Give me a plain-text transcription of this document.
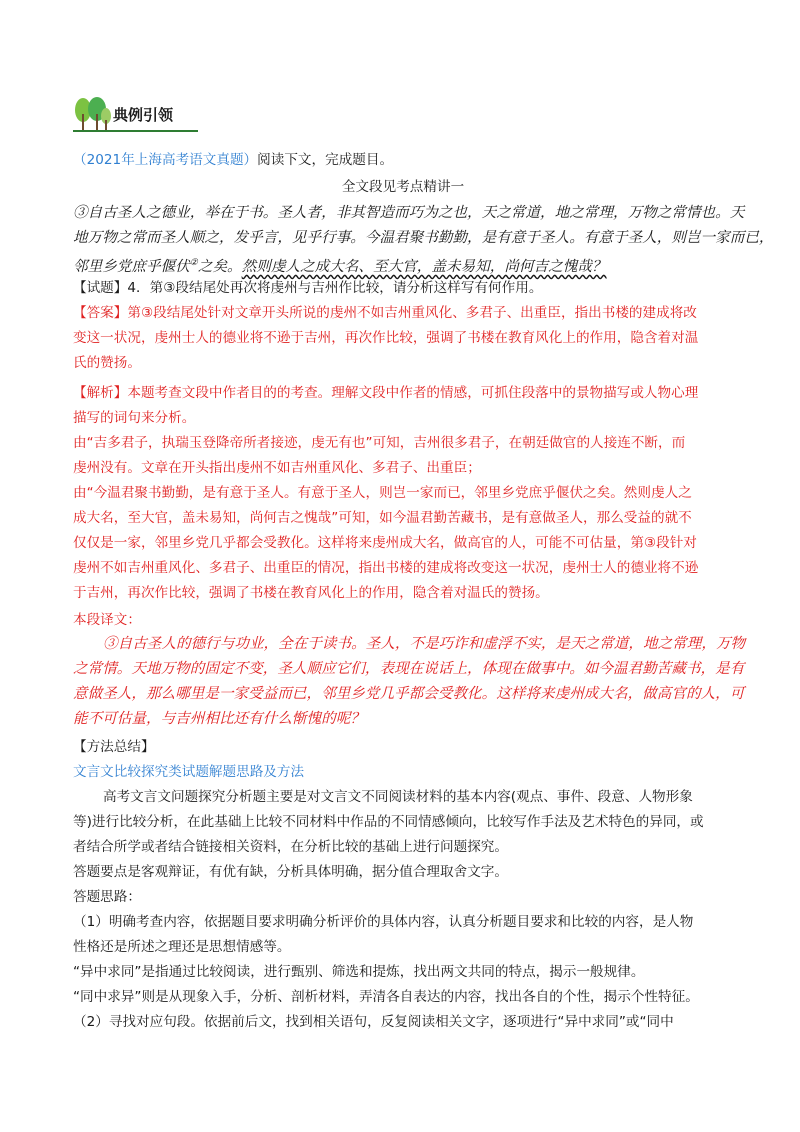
典例引领
（2021年上海高考语文真题）阅读下文，完成题目。
全文段见考点精讲一
③自古圣人之德业，举在于书。圣人者，非其智造而巧为之也，天之常道，地之常理，万物之常情也。天
地万物之常而圣人顺之，发乎言，见乎行事。今温君聚书勤勤，是有意于圣人。有意于圣人，则岂一家而已，
邻里乡党庶乎偃伏②之矣。然则虔人之成大名、至大官，盖未易知，尚何吉之愧哉？
【试题】4．第③段结尾处再次将虔州与吉州作比较，请分析这样写有何作用。
【答案】第③段结尾处针对文章开头所说的虔州不如吉州重风化、多君子、出重臣，指出书楼的建成将改
变这一状况，虔州士人的德业将不逊于吉州，再次作比较，强调了书楼在教育风化上的作用，隐含着对温
氏的赞扬。
【解析】本题考查文段中作者目的的考查。理解文段中作者的情感，可抓住段落中的景物描写或人物心理
描写的词句来分析。
由“吉多君子，执瑞玉登降帝所者接迹，虔无有也”可知，吉州很多君子，在朝廷做官的人接连不断，而
虔州没有。文章在开头指出虔州不如吉州重风化、多君子、出重臣；
由“今温君聚书勤勤，是有意于圣人。有意于圣人，则岂一家而已，邻里乡党庶乎偃伏之矣。然则虔人之
成大名，至大官，盖未易知，尚何吉之愧哉”可知，如今温君勤苦藏书，是有意做圣人，那么受益的就不
仅仅是一家，邻里乡党几乎都会受教化。这样将来虔州成大名，做高官的人，可能不可估量，第③段针对
虔州不如吉州重风化、多君子、出重臣的情况，指出书楼的建成将改变这一状况，虔州士人的德业将不逊
于吉州，再次作比较，强调了书楼在教育风化上的作用，隐含着对温氏的赞扬。
本段译文：
③自古圣人的德行与功业，全在于读书。圣人，不是巧诈和虚浮不实，是天之常道，地之常理，万物
之常情。天地万物的固定不变，圣人顺应它们，表现在说话上，体现在做事中。如今温君勤苦藏书，是有
意做圣人，那么哪里是一家受益而已，邻里乡党几乎都会受教化。这样将来虔州成大名，做高官的人，可
能不可估量，与吉州相比还有什么惭愧的呢？
【方法总结】
文言文比较探究类试题解题思路及方法
高考文言文问题探究分析题主要是对文言文不同阅读材料的基本内容(观点、事件、段意、人物形象
等)进行比较分析，在此基础上比较不同材料中作品的不同情感倾向，比较写作手法及艺术特色的异同，或
者结合所学或者结合链接相关资料，在分析比较的基础上进行问题探究。
答题要点是客观辩证，有优有缺，分析具体明确，据分值合理取舍文字。
答题思路：
（1）明确考查内容，依据题目要求明确分析评价的具体内容，认真分析题目要求和比较的内容，是人物
性格还是所述之理还是思想情感等。
“异中求同”是指通过比较阅读，进行甄别、筛选和提炼，找出两文共同的特点，揭示一般规律。
“同中求异”则是从现象入手，分析、剖析材料，弄清各自表达的内容，找出各自的个性，揭示个性特征。
（2）寻找对应句段。依据前后文，找到相关语句，反复阅读相关文字，逐项进行“异中求同”或“同中
